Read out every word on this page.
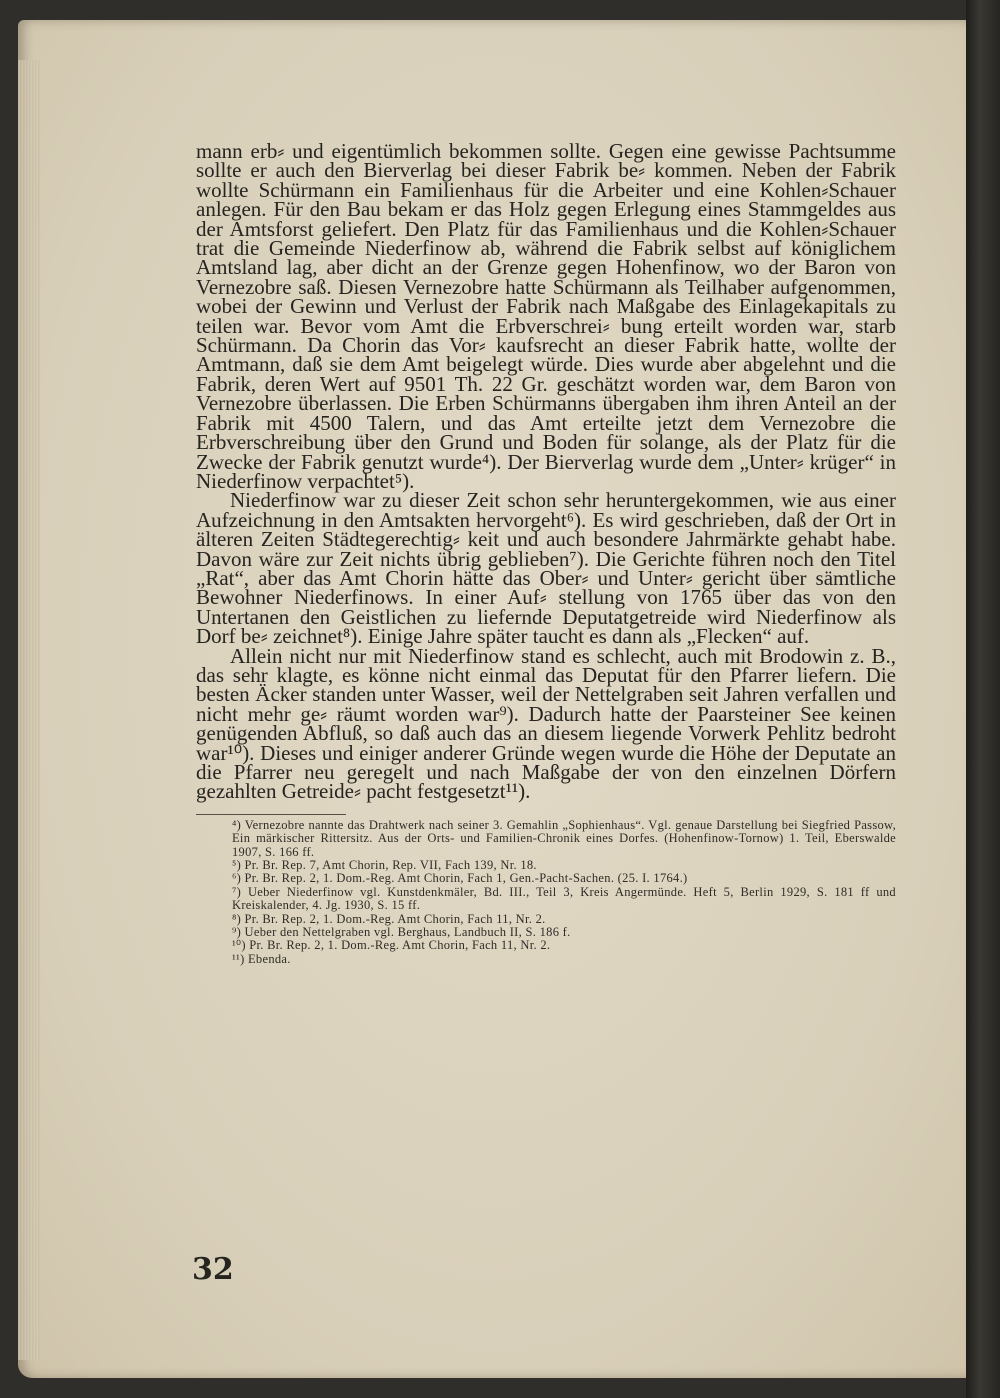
mann erb⸗ und eigentümlich bekommen sollte. Gegen eine gewisse Pachtsumme sollte er auch den Bierverlag bei dieser Fabrik be⸗ kommen. Neben der Fabrik wollte Schürmann ein Familienhaus für die Arbeiter und eine Kohlen⸗Schauer anlegen. Für den Bau bekam er das Holz gegen Erlegung eines Stammgeldes aus der Amtsforst geliefert. Den Platz für das Familienhaus und die Kohlen⸗Schauer trat die Gemeinde Niederfinow ab, während die Fabrik selbst auf königlichem Amtsland lag, aber dicht an der Grenze gegen Hohenfinow, wo der Baron von Vernezobre saß. Diesen Vernezobre hatte Schürmann als Teilhaber aufgenommen, wobei der Gewinn und Verlust der Fabrik nach Maßgabe des Einlagekapitals zu teilen war. Bevor vom Amt die Erbverschrei⸗ bung erteilt worden war, starb Schürmann. Da Chorin das Vor⸗ kaufsrecht an dieser Fabrik hatte, wollte der Amtmann, daß sie dem Amt beigelegt würde. Dies wurde aber abgelehnt und die Fabrik, deren Wert auf 9501 Th. 22 Gr. geschätzt worden war, dem Baron von Vernezobre überlassen. Die Erben Schürmanns übergaben ihm ihren Anteil an der Fabrik mit 4500 Talern, und das Amt erteilte jetzt dem Vernezobre die Erbverschreibung über den Grund und Boden für solange, als der Platz für die Zwecke der Fabrik genutzt wurde⁴). Der Bierverlag wurde dem „Unter⸗ krüger“ in Niederfinow verpachtet⁵).

Niederfinow war zu dieser Zeit schon sehr heruntergekommen, wie aus einer Aufzeichnung in den Amtsakten hervorgeht⁶). Es wird geschrieben, daß der Ort in älteren Zeiten Städtegerechtig⸗ keit und auch besondere Jahrmärkte gehabt habe. Davon wäre zur Zeit nichts übrig geblieben⁷). Die Gerichte führen noch den Titel „Rat“, aber das Amt Chorin hätte das Ober⸗ und Unter⸗ gericht über sämtliche Bewohner Niederfinows. In einer Auf⸗ stellung von 1765 über das von den Untertanen den Geistlichen zu liefernde Deputatgetreide wird Niederfinow als Dorf be⸗ zeichnet⁸). Einige Jahre später taucht es dann als „Flecken“ auf.

Allein nicht nur mit Niederfinow stand es schlecht, auch mit Brodowin z. B., das sehr klagte, es könne nicht einmal das Deputat für den Pfarrer liefern. Die besten Äcker standen unter Wasser, weil der Nettelgraben seit Jahren verfallen und nicht mehr ge⸗ räumt worden war⁹). Dadurch hatte der Paarsteiner See keinen genügenden Abfluß, so daß auch das an diesem liegende Vorwerk Pehlitz bedroht war¹⁰). Dieses und einiger anderer Gründe wegen wurde die Höhe der Deputate an die Pfarrer neu geregelt und nach Maßgabe der von den einzelnen Dörfern gezahlten Getreide⸗ pacht festgesetzt¹¹).

⁴) Vernezobre nannte das Drahtwerk nach seiner 3. Gemahlin „Sophienhaus“. Vgl. genaue Darstellung bei Siegfried Passow, Ein märkischer Rittersitz. Aus der Orts- und Familien-Chronik eines Dorfes. (Hohenfinow-Tornow) 1. Teil, Eberswalde 1907, S. 166 ff.

⁵) Pr. Br. Rep. 7, Amt Chorin, Rep. VII, Fach 139, Nr. 18.

⁶) Pr. Br. Rep. 2, 1. Dom.-Reg. Amt Chorin, Fach 1, Gen.-Pacht-Sachen. (25. I. 1764.)

⁷) Ueber Niederfinow vgl. Kunstdenkmäler, Bd. III., Teil 3, Kreis Angermünde. Heft 5, Berlin 1929, S. 181 ff und Kreiskalender, 4. Jg. 1930, S. 15 ff.

⁸) Pr. Br. Rep. 2, 1. Dom.-Reg. Amt Chorin, Fach 11, Nr. 2.

⁹) Ueber den Nettelgraben vgl. Berghaus, Landbuch II, S. 186 f.

¹⁰) Pr. Br. Rep. 2, 1. Dom.-Reg. Amt Chorin, Fach 11, Nr. 2.

¹¹) Ebenda.

32
